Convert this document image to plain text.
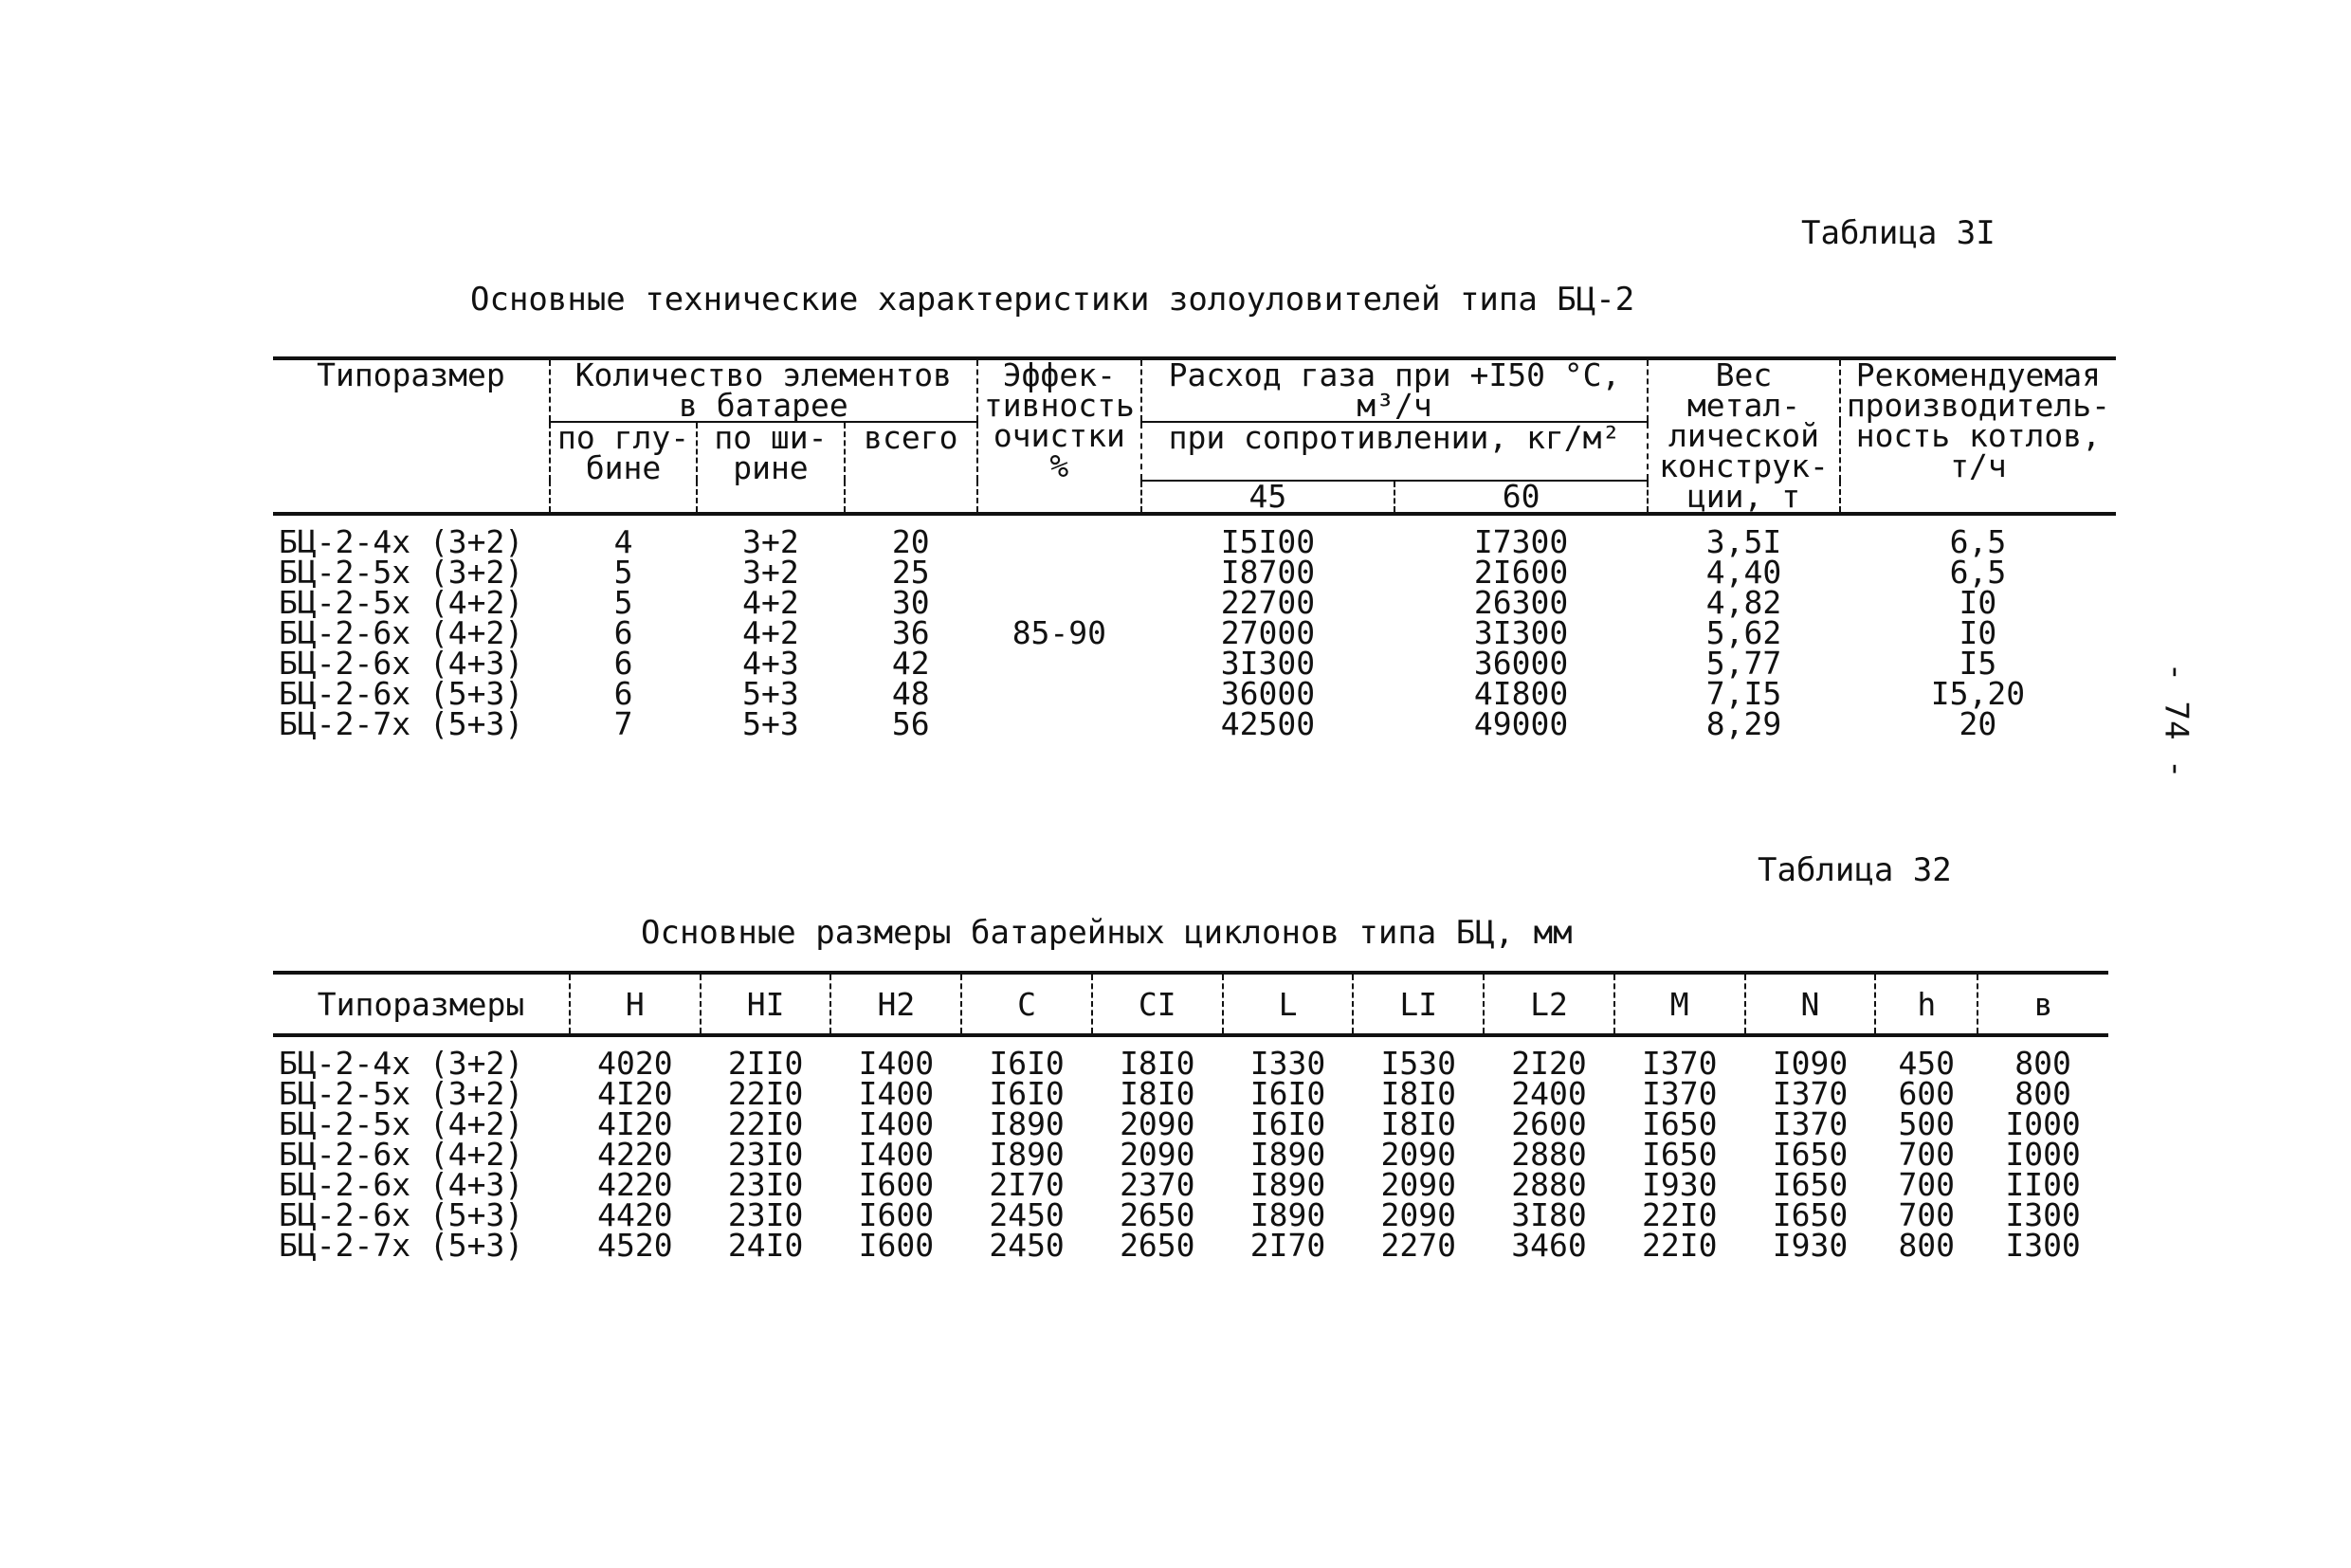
Таблица 3I
Основные технические характеристики золоуловителей типа БЦ-2
Типоразмер	Количество элементов в батарее			Эффек-тивность очистки %	Расход газа при +I50 °С, м³/ч		Вес метал-лической конструк-ции, т	Рекомендуемая производитель-ность котлов, т/ч
	по глу-бине	по ши-рине	всего		при сопротивлении, кг/м²			
					45	60		

БЦ-2-4х (3+2)	4	3+2	20	85-90	I5I00	I7300	3,5I	6,5
БЦ-2-5х (3+2)	5	3+2	25		I8700	2I600	4,40	6,5
БЦ-2-5х (4+2)	5	4+2	30		22700	26300	4,82	I0
БЦ-2-6х (4+2)	6	4+2	36		27000	3I300	5,62	I0
БЦ-2-6х (4+3)	6	4+3	42		3I300	36000	5,77	I5
БЦ-2-6х (5+3)	6	5+3	48		36000	4I800	7,I5	I5,20
БЦ-2-7х (5+3)	7	5+3	56		42500	49000	8,29	20	- 74 -
Таблица 32
Основные размеры батарейных циклонов типа БЦ, мм
Типоразмеры	H	HI	H2	C	CI	L	LI	L2	M	N	h	в
БЦ-2-4х (3+2)	4020	2II0	I400	I6I0	I8I0	I330	I530	2I20	I370	I090	450	800
БЦ-2-5х (3+2)	4I20	22I0	I400	I6I0	I8I0	I6I0	I8I0	2400	I370	I370	600	800
БЦ-2-5х (4+2)	4I20	22I0	I400	I890	2090	I6I0	I8I0	2600	I650	I370	500	I000
БЦ-2-6х (4+2)	4220	23I0	I400	I890	2090	I890	2090	2880	I650	I650	700	I000
БЦ-2-6х (4+3)	4220	23I0	I600	2I70	2370	I890	2090	2880	I930	I650	700	II00
БЦ-2-6х (5+3)	4420	23I0	I600	2450	2650	I890	2090	3I80	22I0	I650	700	I300
БЦ-2-7х (5+3)	4520	24I0	I600	2450	2650	2I70	2270	3460	22I0	I930	800	I300
